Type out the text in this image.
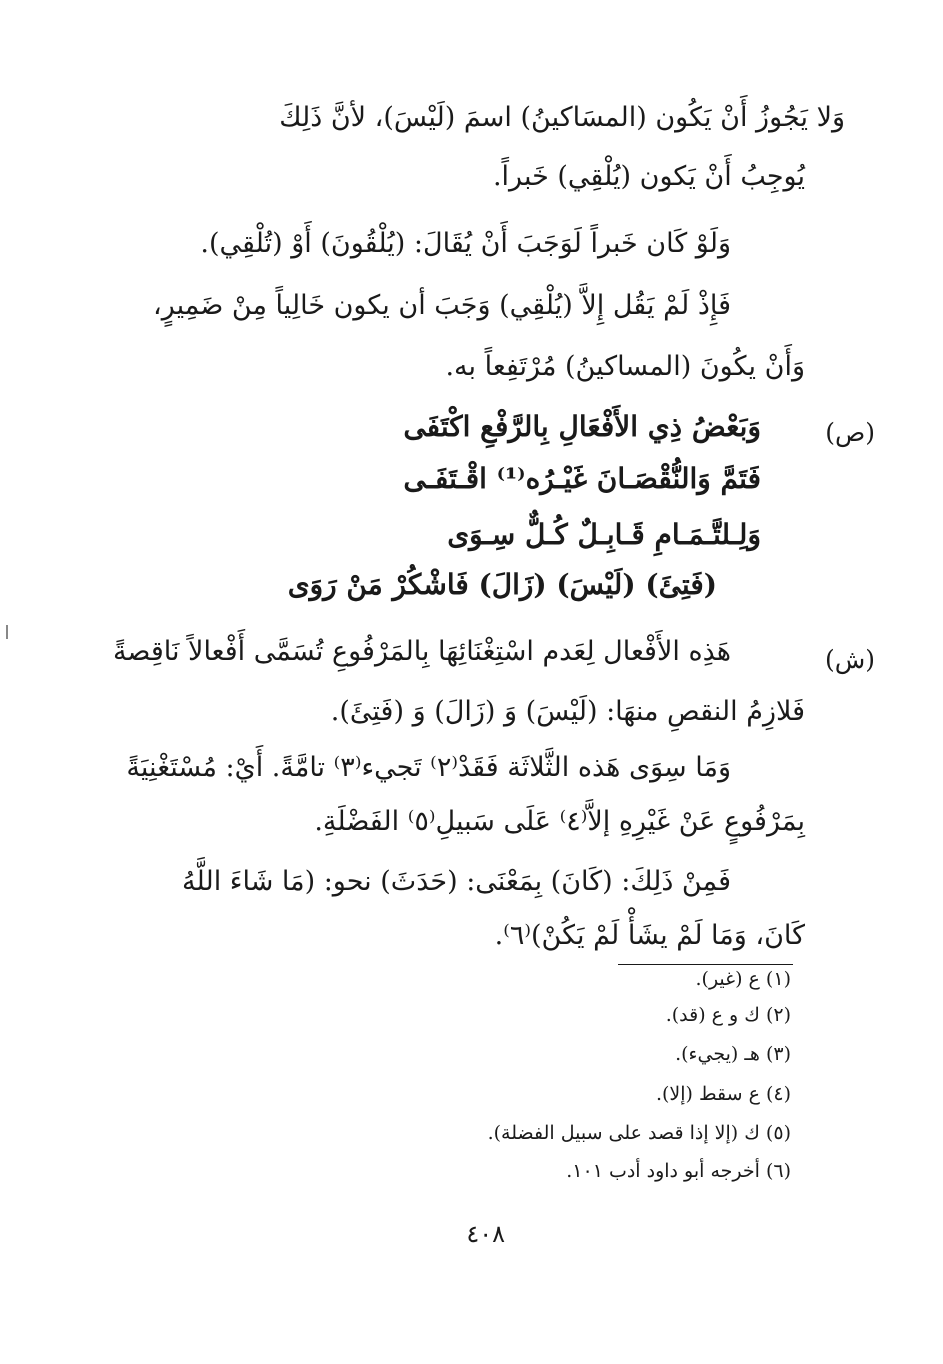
وَلا يَجُوزُ أَنْ يَكُون (المسَاكينُ) اسمَ (لَيْسَ)، لأنَّ ذَلِكَ
يُوجِبُ أَنْ يَكون (يُلْقِي) خَبراً.
وَلَوْ كَان خَبراً لَوَجَبَ أَنْ يُقَالَ: (يُلْقُونَ) أَوْ (تُلْقِي).
فَإِذْ لَمْ يَقُل إِلاَّ (يُلْقِي) وَجَبَ أن يكون خَالِياً مِنْ ضَمِيرٍ،
وَأَنْ يكُونَ (المساكينُ) مُرْتَفِعاً به.
(ص)
وَبَعْضُ ذِي الأَفْعَالِ بِالرَّفْعِ اكْتَفَى
فَتَمَّ وَالنُّقْصَـانَ غَيْـرُه⁽¹⁾ اقْـتَفَـى
وَلِـلتَّـمَـامِ قَـابِـلٌ كُـلٌّ سِـوَى
(فَتِئَ) (لَيْسَ) (زَالَ) فَاشْكُرْ مَنْ رَوَى
(ش)
هَذِه الأَفْعال لِعَدم اسْتِغْنَائِهَا بِالمَرْفُوعِ تُسَمَّى أَفْعالاً نَاقِصةً
فَلازِمُ النقصِ منهَا: (لَيْسَ) وَ (زَالَ) وَ (فَتِئَ).
وَمَا سِوَى هَذه الثَّلاثَة فَقَدْ⁽٢⁾ تَجيء⁽٣⁾ تامَّةً. أَيْ: مُسْتَغْنِيَةً
بِمَرْفُوعٍ عَنْ غَيْرِهِ إلاَّ⁽٤⁾ عَلَى سَبيلِ⁽٥⁾ الفَضْلَةِ.
فَمِنْ ذَلِكَ: (كَانَ) بِمَعْنَى: (حَدَثَ) نحو: (مَا شَاءَ اللَّهُ
كَانَ، وَمَا لَمْ يشَأْ لَمْ يَكُنْ)⁽٦⁾.
(١) ع (غير).
(٢) ك و ع (قد).
(٣) هـ (يجيء).
(٤) ع سقط (إلا).
(٥) ك (إلا إذا قصد على سبيل الفضلة).
(٦) أخرجه أبو داود أدب ١٠١.
٤٠٨
